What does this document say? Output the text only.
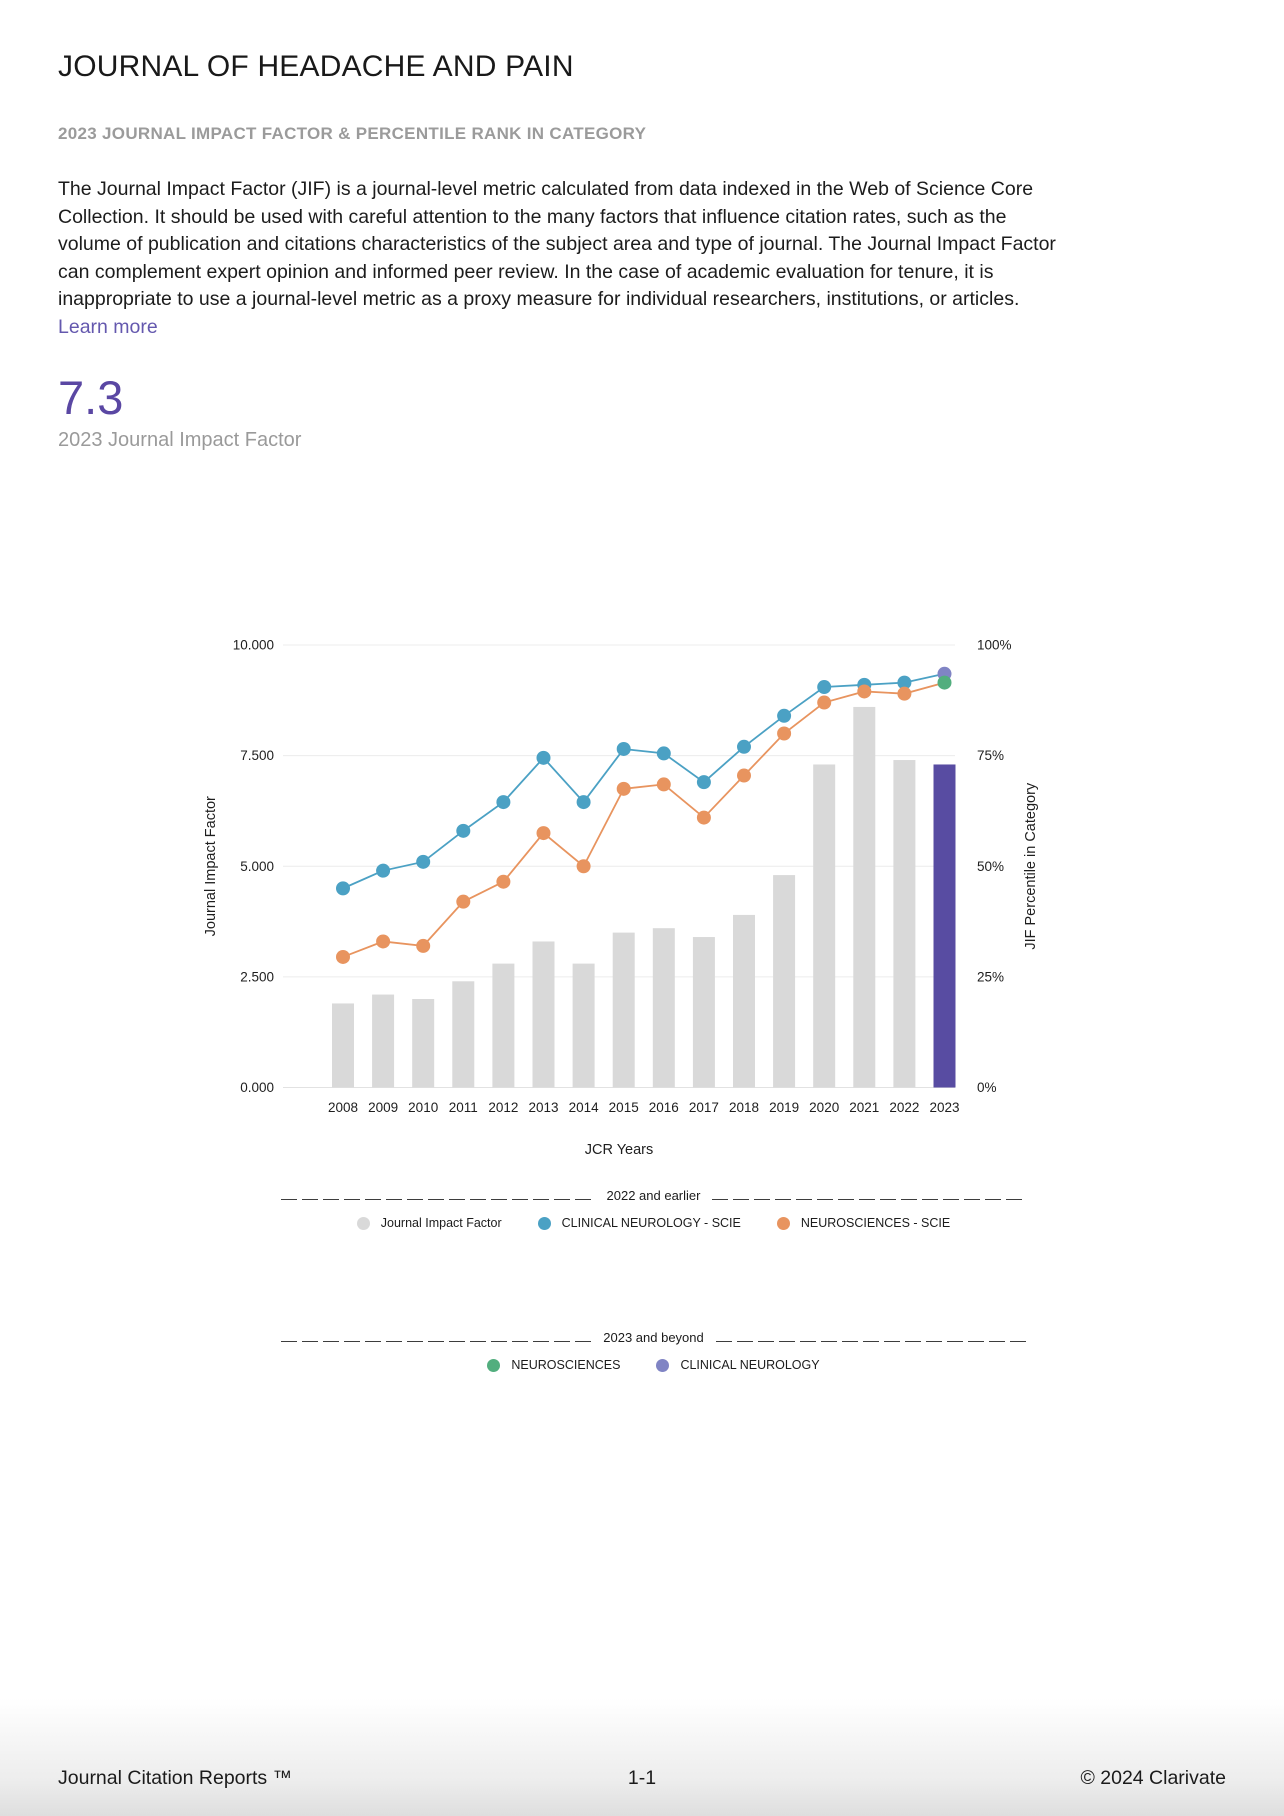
JOURNAL OF HEADACHE AND PAIN
2023 JOURNAL IMPACT FACTOR & PERCENTILE RANK IN CATEGORY

The Journal Impact Factor (JIF) is a journal-level metric calculated from data indexed in the Web of Science Core Collection. It should be used with careful attention to the many factors that influence citation rates, such as the volume of publication and citations characteristics of the subject area and type of journal. The Journal Impact Factor can complement expert opinion and informed peer review. In the case of academic evaluation for tenure, it is inappropriate to use a journal-level metric as a proxy measure for individual researchers, institutions, or articles. Learn more

7.3
2023 Journal Impact Factor
0.000
2.500
5.000
7.500
10.000
0%
25%
50%
75%
100%
2008 2009 2010 2011 2012 2013 2014 2015 2016 2017 2018 2019 2020 2021 2022 2023
JCR Years
Journal Impact Factor	JIF Percentile in Category
2022 and earlier
Journal Impact Factor	CLINICAL NEUROLOGY - SCIE	NEUROSCIENCES - SCIE
2023 and beyond
NEUROSCIENCES	CLINICAL NEUROLOGY
Journal Citation Reports ™	1-1	© 2024 Clarivate
